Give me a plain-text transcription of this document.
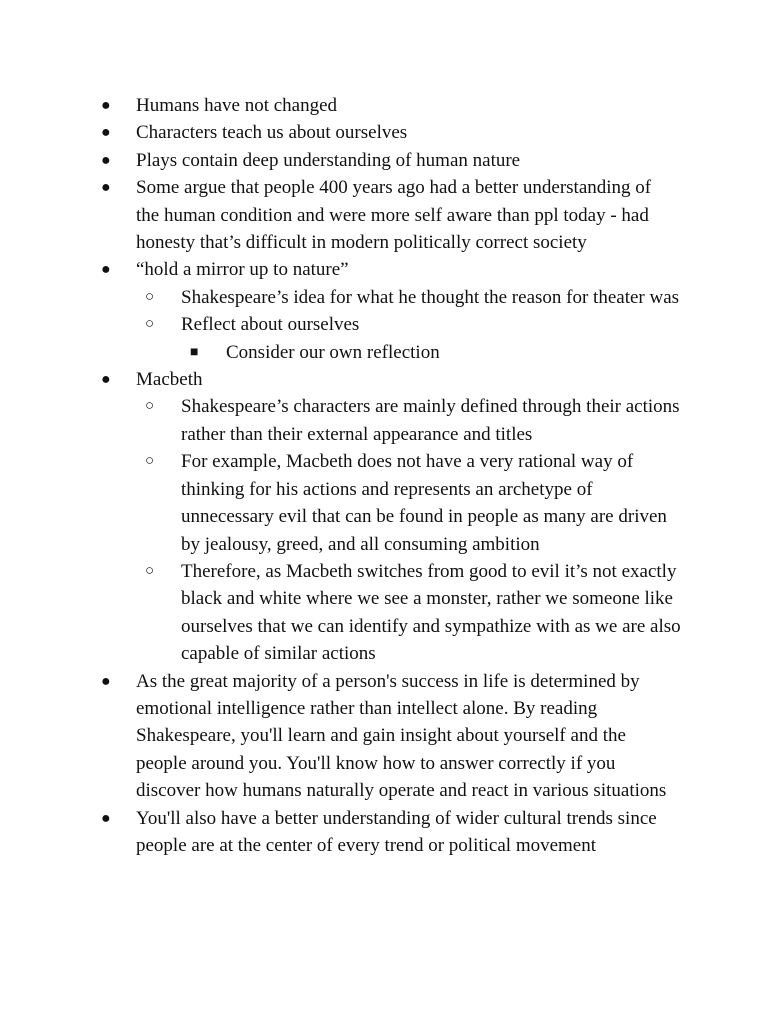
● Humans have not changed
● Characters teach us about ourselves
● Plays contain deep understanding of human nature
● Some argue that people 400 years ago had a better understanding of the human condition and were more self aware than ppl today - had honesty that’s difficult in modern politically correct society
● “hold a mirror up to nature”
○ Shakespeare’s idea for what he thought the reason for theater was
○ Reflect about ourselves
■ Consider our own reflection
● Macbeth
○ Shakespeare’s characters are mainly defined through their actions rather than their external appearance and titles
○ For example, Macbeth does not have a very rational way of thinking for his actions and represents an archetype of unnecessary evil that can be found in people as many are driven by jealousy, greed, and all consuming ambition
○ Therefore, as Macbeth switches from good to evil it’s not exactly black and white where we see a monster, rather we someone like ourselves that we can identify and sympathize with as we are also capable of similar actions
● As the great majority of a person's success in life is determined by emotional intelligence rather than intellect alone. By reading Shakespeare, you'll learn and gain insight about yourself and the people around you. You'll know how to answer correctly if you discover how humans naturally operate and react in various situations
● You'll also have a better understanding of wider cultural trends since people are at the center of every trend or political movement
